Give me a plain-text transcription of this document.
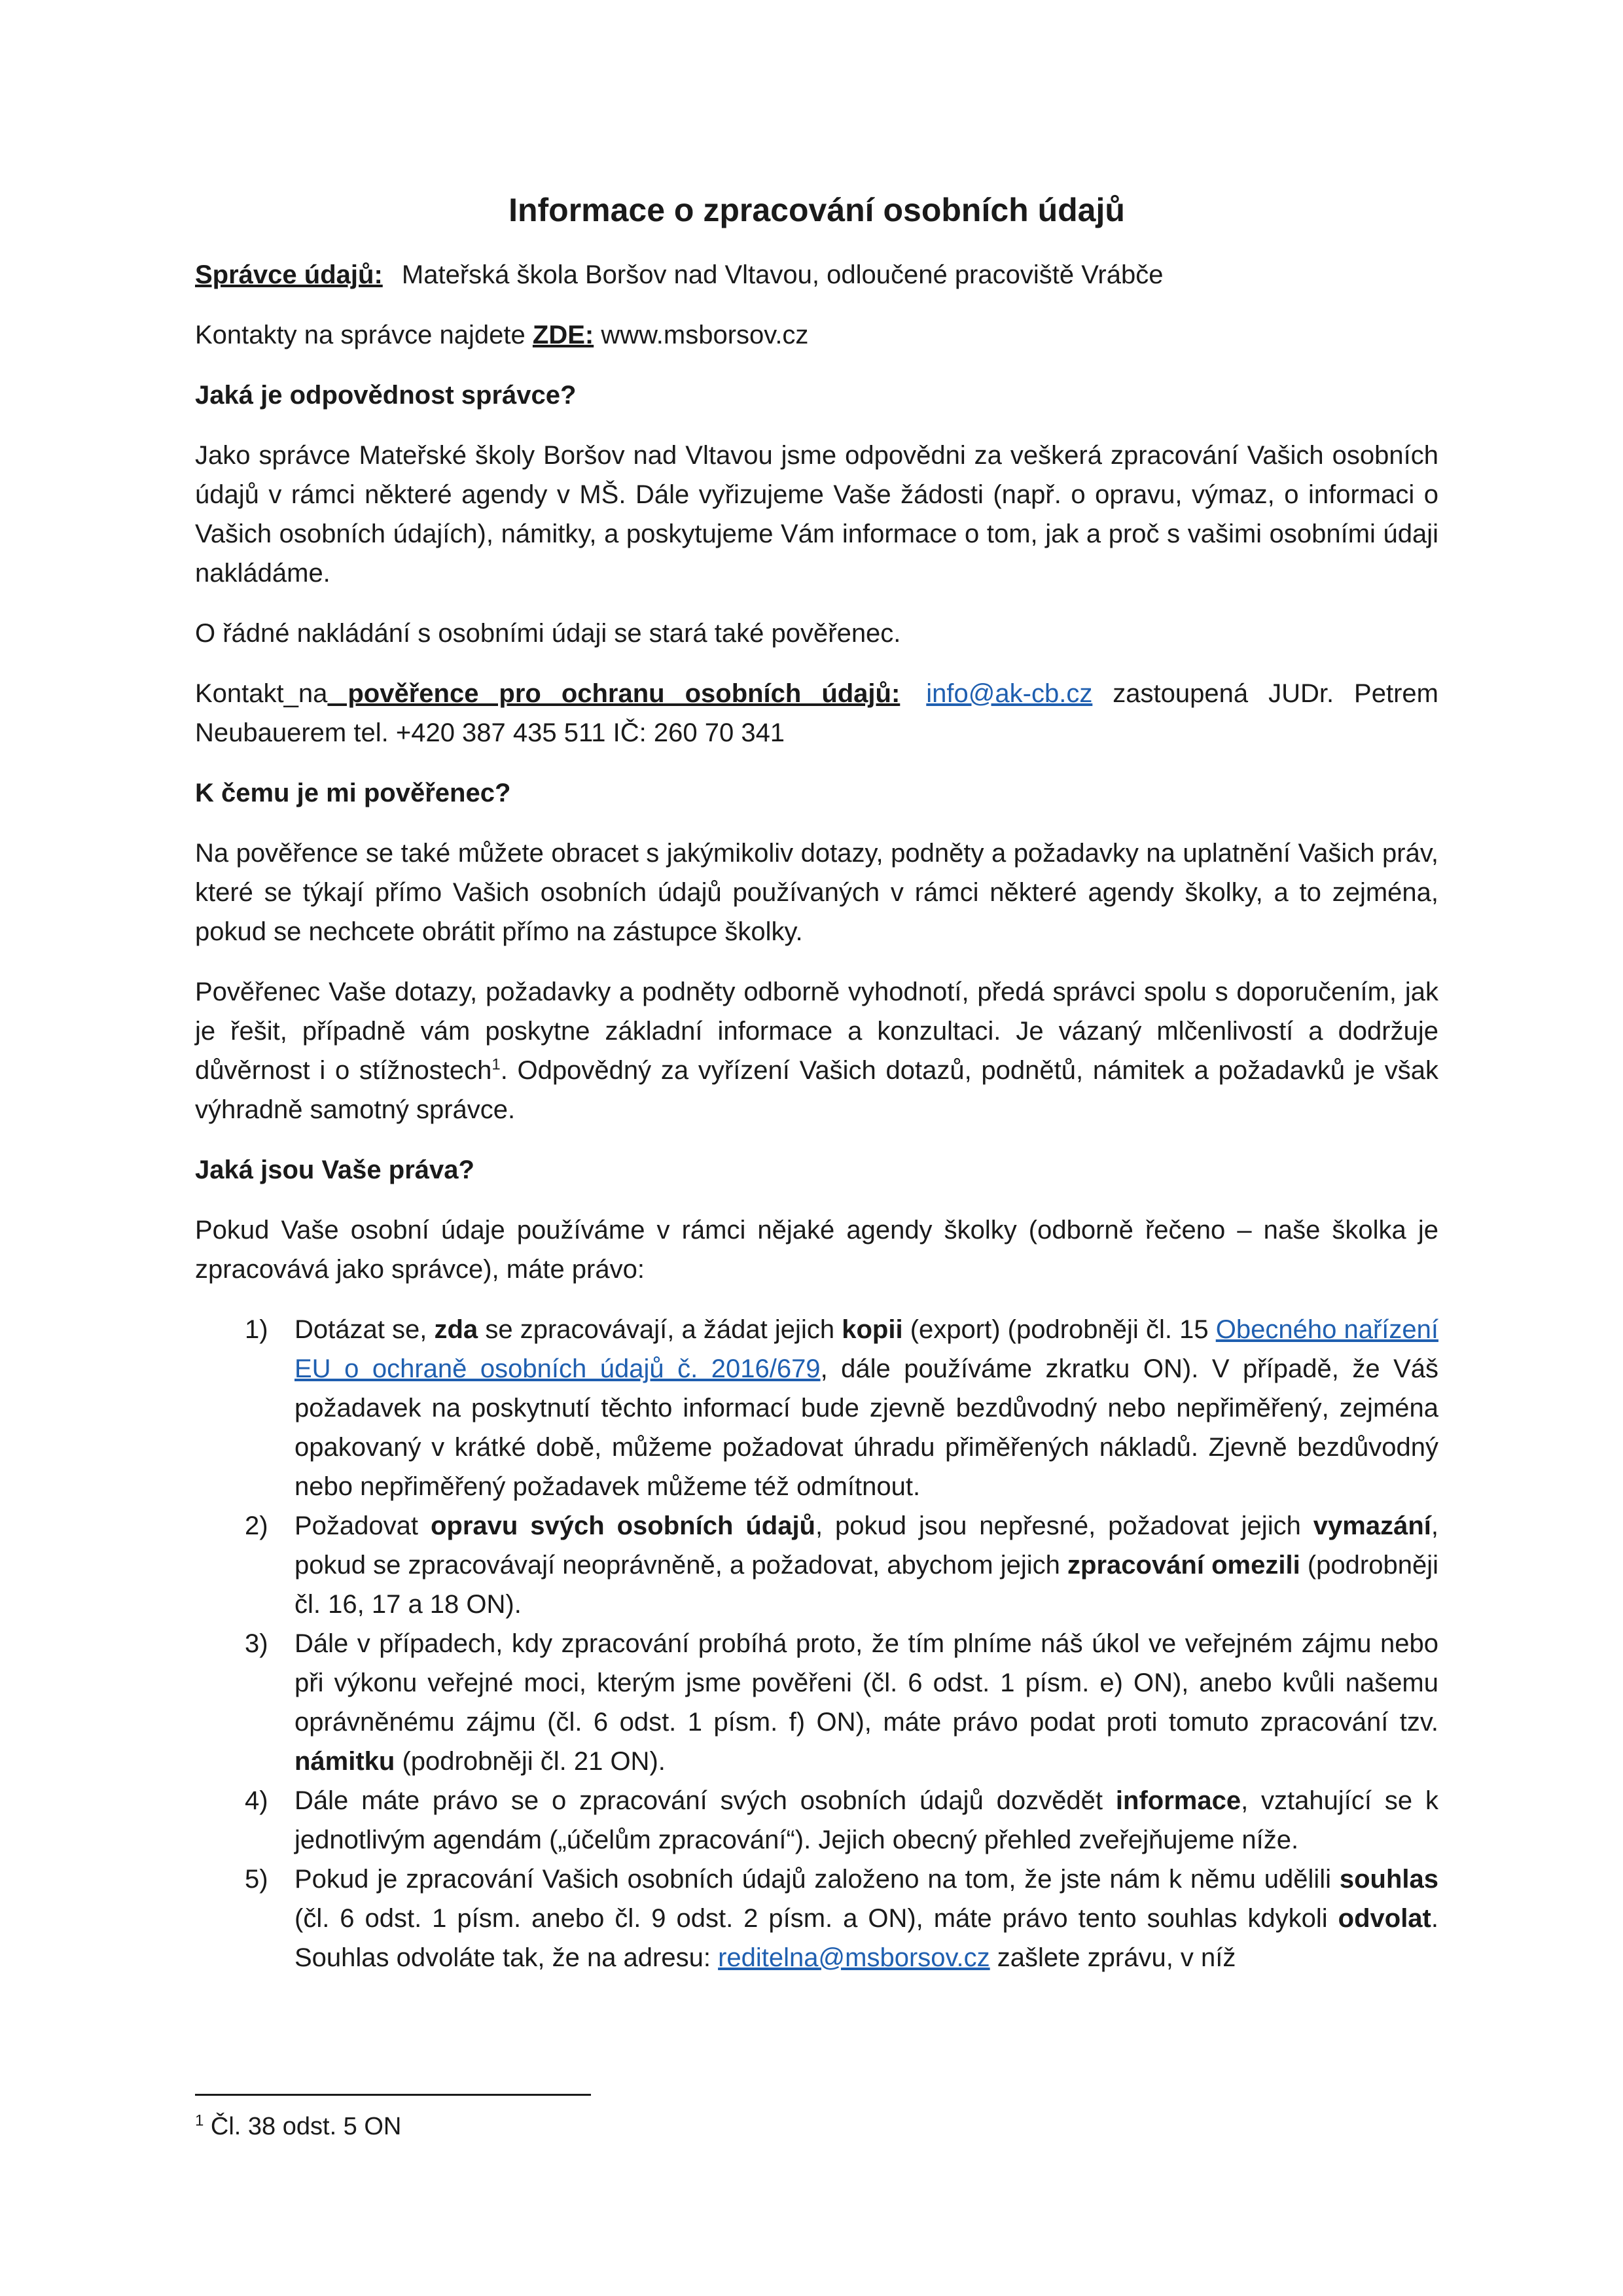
Informace o zpracování osobních údajů

Správce údajů: Mateřská škola Boršov nad Vltavou, odloučené pracoviště Vrábče

Kontakty na správce najdete ZDE: www.msborsov.cz

Jaká je odpovědnost správce?

Jako správce Mateřské školy Boršov nad Vltavou jsme odpovědni za veškerá zpracování Vašich osobních údajů v rámci některé agendy v MŠ. Dále vyřizujeme Vaše žádosti (např. o opravu, výmaz, o informaci o Vašich osobních údajích), námitky, a poskytujeme Vám informace o tom, jak a proč s vašimi osobními údaji nakládáme.

O řádné nakládání s osobními údaji se stará také pověřenec.

Kontakt_na pověřence pro ochranu osobních údajů: info@ak-cb.cz zastoupená JUDr. Petrem Neubauerem tel. +420 387 435 511 IČ: 260 70 341

K čemu je mi pověřenec?

Na pověřence se také můžete obracet s jakýmikoliv dotazy, podněty a požadavky na uplatnění Vašich práv, které se týkají přímo Vašich osobních údajů používaných v rámci některé agendy školky, a to zejména, pokud se nechcete obrátit přímo na zástupce školky.

Pověřenec Vaše dotazy, požadavky a podněty odborně vyhodnotí, předá správci spolu s doporučením, jak je řešit, případně vám poskytne základní informace a konzultaci. Je vázaný mlčenlivostí a dodržuje důvěrnost i o stížnostech$^1$. Odpovědný za vyřízení Vašich dotazů, podnětů, námitek a požadavků je však výhradně samotný správce.

Jaká jsou Vaše práva?

Pokud Vaše osobní údaje používáme v rámci nějaké agendy školky (odborně řečeno – naše školka je zpracovává jako správce), máte právo:

1) Dotázat se, zda se zpracovávají, a žádat jejich kopii (export) (podrobněji čl. 15 Obecného nařízení EU o ochraně osobních údajů č. 2016/679, dále používáme zkratku ON). V případě, že Váš požadavek na poskytnutí těchto informací bude zjevně bezdůvodný nebo nepřiměřený, zejména opakovaný v krátké době, můžeme požadovat úhradu přiměřených nákladů. Zjevně bezdůvodný nebo nepřiměřený požadavek můžeme též odmítnout.
2) Požadovat opravu svých osobních údajů, pokud jsou nepřesné, požadovat jejich vymazání, pokud se zpracovávají neoprávněně, a požadovat, abychom jejich zpracování omezili (podrobněji čl. 16, 17 a 18 ON).
3) Dále v případech, kdy zpracování probíhá proto, že tím plníme náš úkol ve veřejném zájmu nebo při výkonu veřejné moci, kterým jsme pověřeni (čl. 6 odst. 1 písm. e) ON), anebo kvůli našemu oprávněnému zájmu (čl. 6 odst. 1 písm. f) ON), máte právo podat proti tomuto zpracování tzv. námitku (podrobněji čl. 21 ON).
4) Dále máte právo se o zpracování svých osobních údajů dozvědět informace, vztahující se k jednotlivým agendám („účelům zpracování“). Jejich obecný přehled zveřejňujeme níže.
5) Pokud je zpracování Vašich osobních údajů založeno na tom, že jste nám k němu udělili souhlas (čl. 6 odst. 1 písm. anebo čl. 9 odst. 2 písm. a ON), máte právo tento souhlas kdykoli odvolat. Souhlas odvoláte tak, že na adresu: reditelna@msborsov.cz zašlete zprávu, v níž
$^1$ Čl. 38 odst. 5 ON
